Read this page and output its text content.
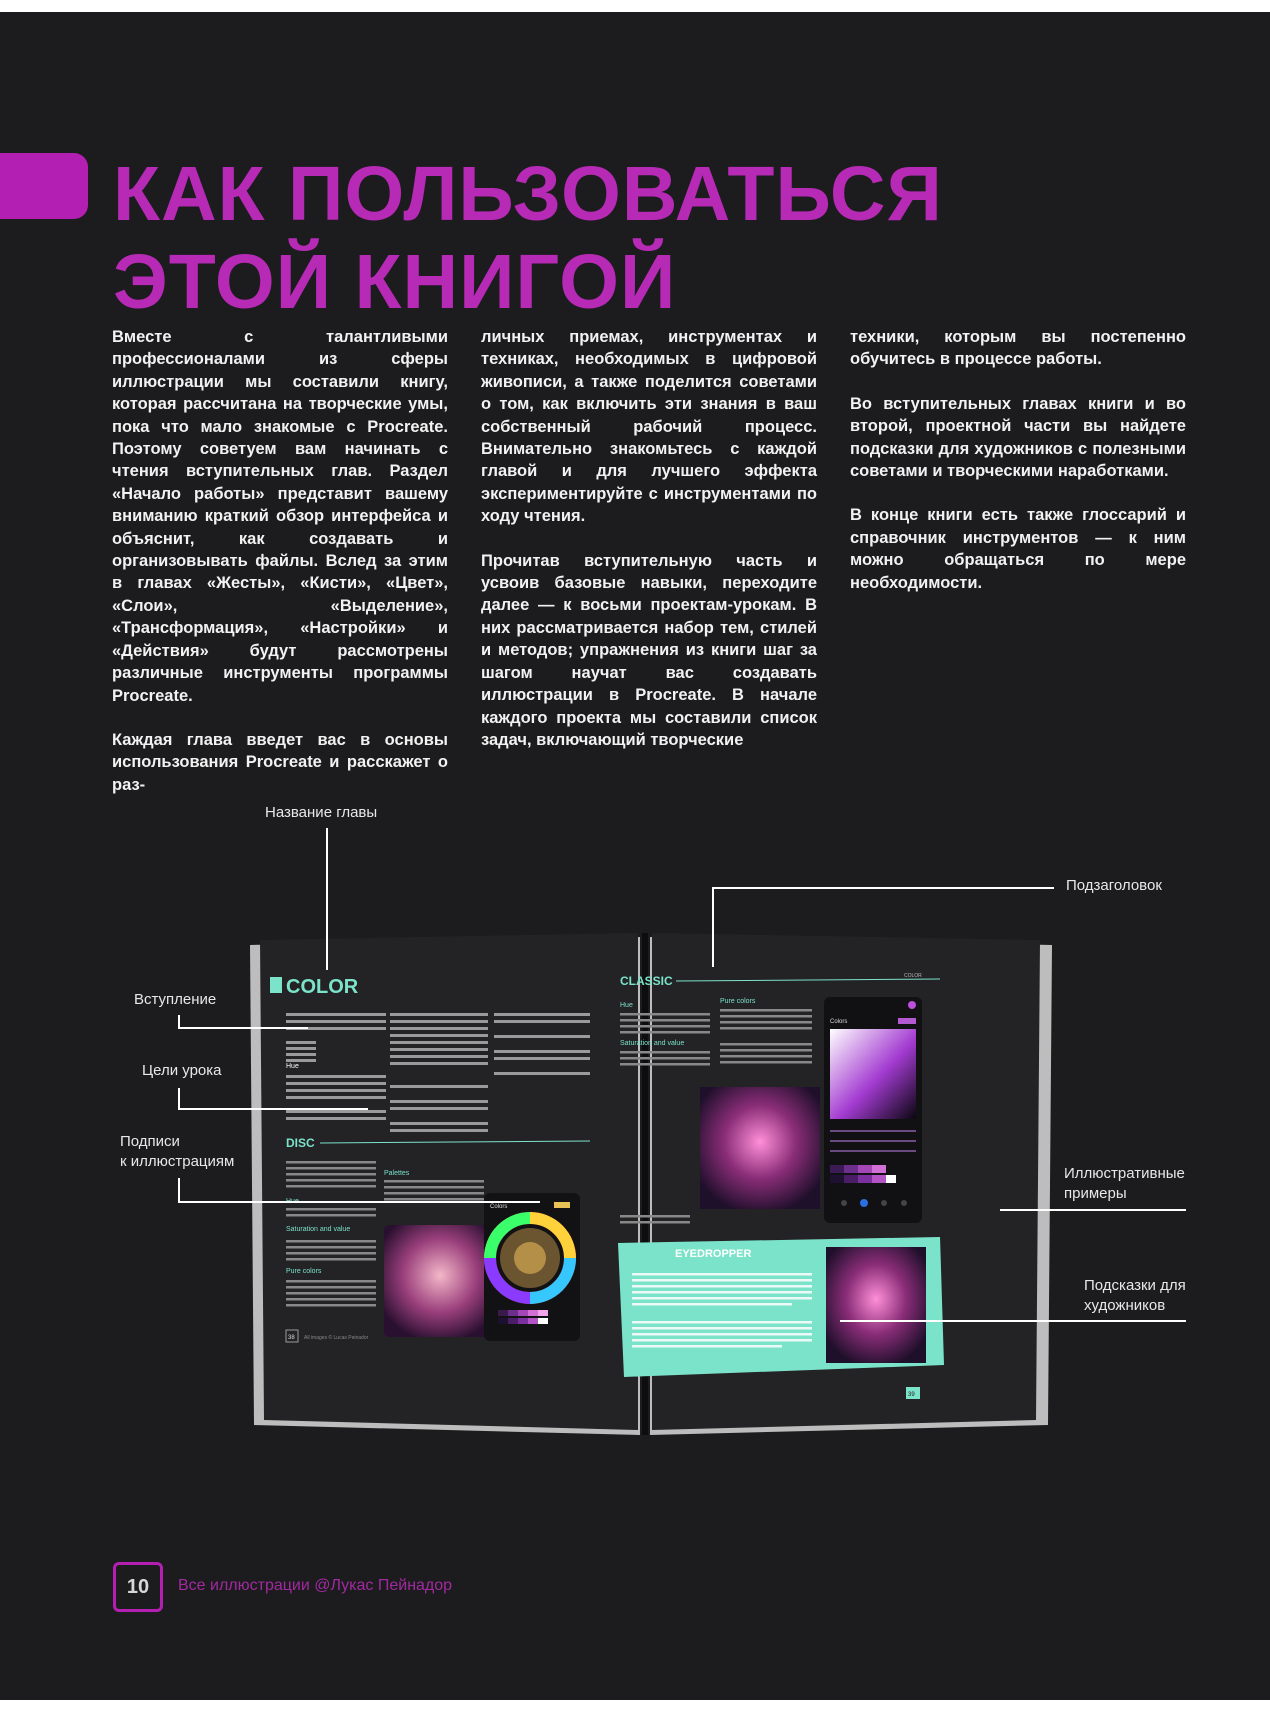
КАК ПОЛЬЗОВАТЬСЯ
ЭТОЙ КНИГОЙ

Вместе с талантливыми профессионалами из сферы иллюстрации мы составили книгу, которая рассчитана на творческие умы, пока что мало знакомые с Procreate. Поэтому советуем вам начинать с чтения вступительных глав. Раздел «Начало работы» представит вашему вниманию краткий обзор интерфейса и объяснит, как создавать и организовывать файлы. Вслед за этим в главах «Жесты», «Кисти», «Цвет», «Слои», «Выделение», «Трансформация», «Настройки» и «Действия» будут рассмотрены различные инструменты программы Procreate.

Каждая глава введет вас в основы использования Procreate и расскажет о раз-

личных приемах, инструментах и техниках, необходимых в цифровой живописи, а также поделится советами о том, как включить эти знания в ваш собственный рабочий процесс. Внимательно знакомьтесь с каждой главой и для лучшего эффекта экспериментируйте с инструментами по ходу чтения.

Прочитав вступительную часть и усвоив базовые навыки, переходите далее — к восьми проектам-урокам. В них рассматривается набор тем, стилей и методов; упражнения из книги шаг за шагом научат вас создавать иллюстрации в Procreate. В начале каждого проекта мы составили список задач, включающий творческие

техники, которым вы постепенно обучитесь в процессе работы.

Во вступительных главах книги и во второй, проектной части вы найдете подсказки для художников с полезными советами и творческими наработками.

В конце книги есть также глоссарий и справочник инструментов — к ним можно обращаться по мере необходимости.

COLOR
Hue
DISC
Saturation and value
Pure colors
Palettes
Colors
38 All images © Lucas Peinador
CLASSIC	COLOR
Hue
Pure colors
Saturation and value
Colors
EYEDROPPER
39
Название главы
Подзаголовок
Вступление
Цели урока
Подписи
к иллюстрациям
Иллюстративные
примеры
Подсказки для
художников
10 Все иллюстрации @Лукас Пейнадор
